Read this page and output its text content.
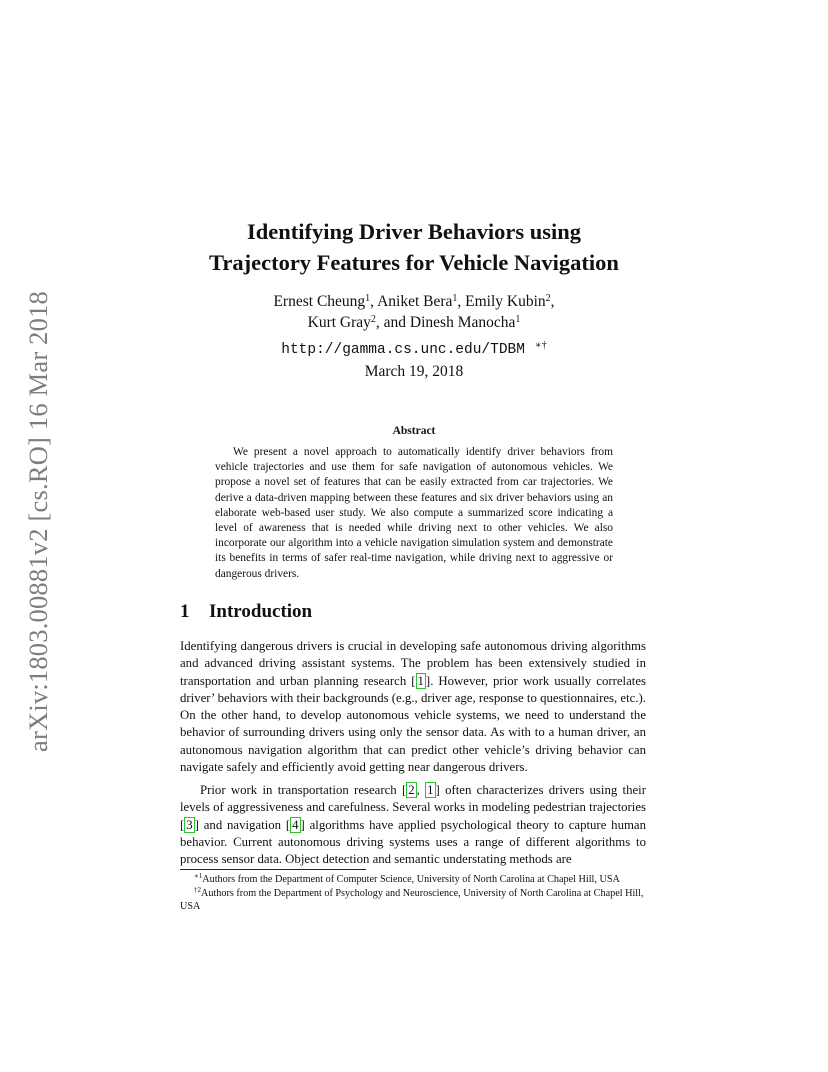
arXiv:1803.00881v2 [cs.RO] 16 Mar 2018
Identifying Driver Behaviors using
Trajectory Features for Vehicle Navigation
Ernest Cheung$^1$, Aniket Bera$^1$, Emily Kubin$^2$,
Kurt Gray$^2$, and Dinesh Manocha$^1$
http://gamma.cs.unc.edu/TDBM ∗†
March 19, 2018
Abstract

We present a novel approach to automatically identify driver behaviors from vehicle trajectories and use them for safe navigation of autonomous vehicles. We propose a novel set of features that can be easily extracted from car trajectories. We derive a data-driven mapping between these features and six driver behaviors using an elaborate web-based user study. We also compute a summarized score indicating a level of awareness that is needed while driving next to other vehicles. We also incorporate our algorithm into a vehicle navigation simulation system and demonstrate its benefits in terms of safer real-time navigation, while driving next to aggressive or dangerous drivers.

1 Introduction

Identifying dangerous drivers is crucial in developing safe autonomous driving algorithms and advanced driving assistant systems. The problem has been extensively studied in transportation and urban planning research [ 1 ]. However, prior work usually correlates driver’ behaviors with their backgrounds (e.g., driver age, response to questionnaires, etc.). On the other hand, to develop autonomous vehicle systems, we need to understand the behavior of surrounding drivers using only the sensor data. As with to a human driver, an autonomous navigation algorithm that can predict other vehicle’s driving behavior can navigate safely and efficiently avoid getting near dangerous drivers.

Prior work in transportation research [ 2 , 1 ] often characterizes drivers using their levels of aggressiveness and carefulness. Several works in modeling pedestrian trajectories [ 3 ] and navigation [ 4 ] algorithms have applied psychological theory to capture human behavior. Current autonomous driving systems uses a range of different algorithms to process sensor data. Object detection and semantic understating methods are

$^{∗1}$Authors from the Department of Computer Science, University of North Carolina at Chapel Hill, USA

$^{\dagger 2}$Authors from the Department of Psychology and Neuroscience, University of North Carolina at Chapel Hill, USA
